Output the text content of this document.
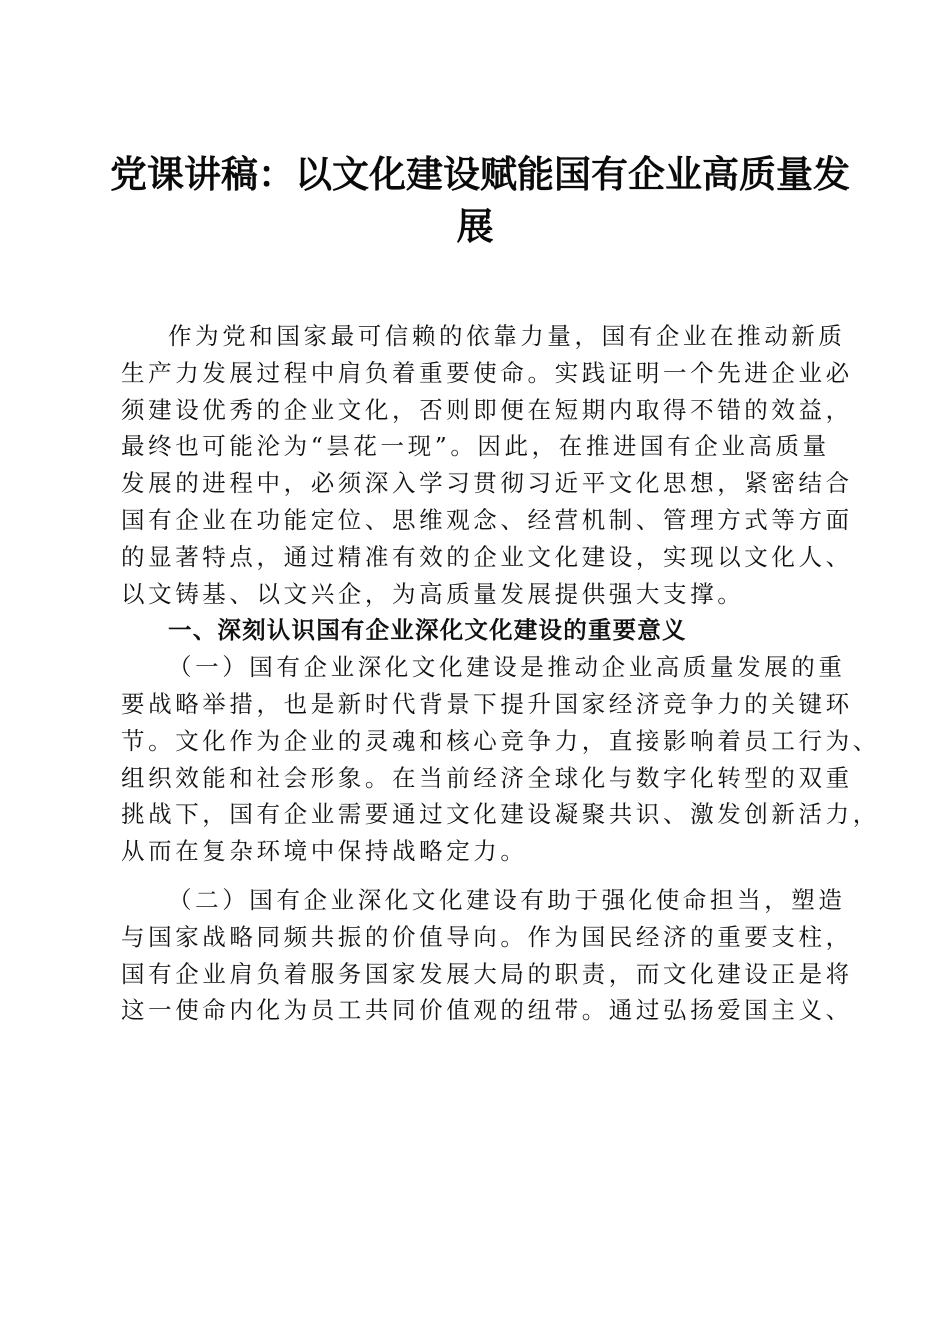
党课讲稿：以文化建设赋能国有企业高质量发
展
作为党和国家最可信赖的依靠力量，国有企业在推动新质
生产力发展过程中肩负着重要使命。实践证明一个先进企业必
须建设优秀的企业文化，否则即便在短期内取得不错的效益，
最终也可能沦为“昙花一现”。因此，在推进国有企业高质量
发展的进程中，必须深入学习贯彻习近平文化思想，紧密结合
国有企业在功能定位、思维观念、经营机制、管理方式等方面
的显著特点，通过精准有效的企业文化建设，实现以文化人、
以文铸基、以文兴企，为高质量发展提供强大支撑。
一、深刻认识国有企业深化文化建设的重要意义
（一）国有企业深化文化建设是推动企业高质量发展的重
要战略举措，也是新时代背景下提升国家经济竞争力的关键环
节。文化作为企业的灵魂和核心竞争力，直接影响着员工行为、
组织效能和社会形象。在当前经济全球化与数字化转型的双重
挑战下，国有企业需要通过文化建设凝聚共识、激发创新活力，
从而在复杂环境中保持战略定力。
（二）国有企业深化文化建设有助于强化使命担当，塑造
与国家战略同频共振的价值导向。作为国民经济的重要支柱，
国有企业肩负着服务国家发展大局的职责，而文化建设正是将
这一使命内化为员工共同价值观的纽带。通过弘扬爱国主义、
